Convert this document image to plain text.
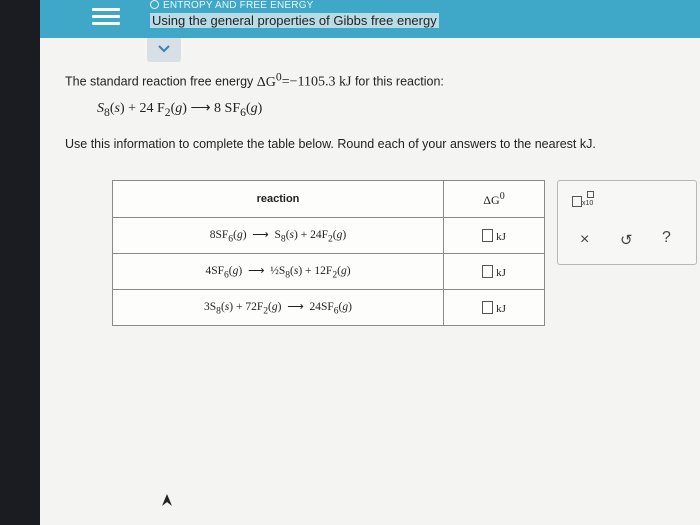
ENTROPY AND FREE ENERGY
Using the general properties of Gibbs free energy
The standard reaction free energy $\Delta G^0=-1105.3$ kJ for this reaction:
$S_8(s) + 24$ $F_2(g)$ ⟶ 8 $SF_6(g)$
Use this information to complete the table below. Round each of your answers to the nearest kJ.
reaction	$\Delta G^0$
$8SF_6(g)$  ⟶  $S_8(s) + 24F_2(g)$	kJ
$4SF_6(g)$  ⟶  $\frac{1}{2}S_8(s) + 12F_2(g)$	kJ
$3S_8(s) + 72F_2(g)$  ⟶  $24SF_6(g)$	kJ
x10
× ↺ ?
